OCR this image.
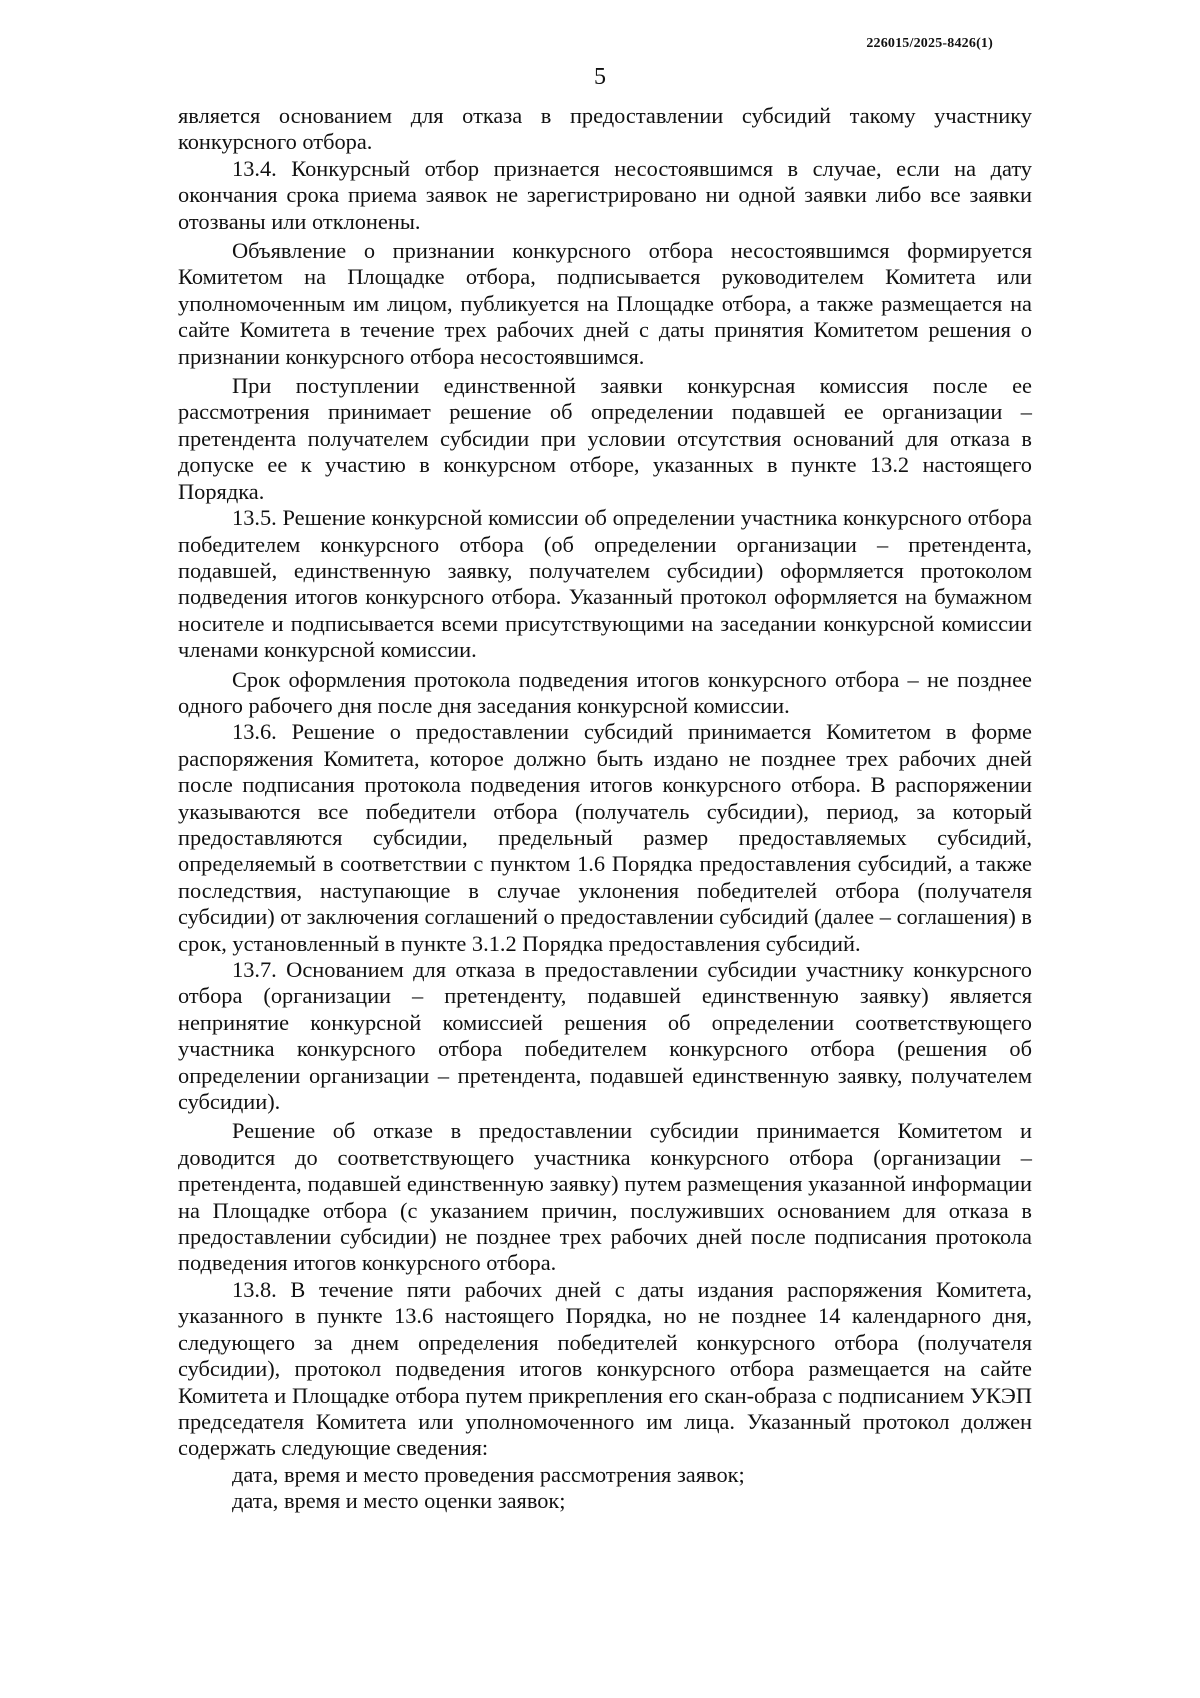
226015/2025-8426(1)
5

является основанием для отказа в предоставлении субсидий такому участнику конкурсного отбора.

13.4. Конкурсный отбор признается несостоявшимся в случае, если на дату окончания срока приема заявок не зарегистрировано ни одной заявки либо все заявки отозваны или отклонены.

Объявление о признании конкурсного отбора несостоявшимся формируется Комитетом на Площадке отбора, подписывается руководителем Комитета или уполномоченным им лицом, публикуется на Площадке отбора, а также размещается на сайте Комитета в течение трех рабочих дней с даты принятия Комитетом решения о признании конкурсного отбора несостоявшимся.

При поступлении единственной заявки конкурсная комиссия после ее рассмотрения принимает решение об определении подавшей ее организации – претендента получателем субсидии при условии отсутствия оснований для отказа в допуске ее к участию в конкурсном отборе, указанных в пункте 13.2 настоящего Порядка.

13.5. Решение конкурсной комиссии об определении участника конкурсного отбора победителем конкурсного отбора (об определении организации – претендента, подавшей, единственную заявку, получателем субсидии) оформляется протоколом подведения итогов конкурсного отбора. Указанный протокол оформляется на бумажном носителе и подписывается всеми присутствующими на заседании конкурсной комиссии членами конкурсной комиссии.

Срок оформления протокола подведения итогов конкурсного отбора – не позднее одного рабочего дня после дня заседания конкурсной комиссии.

13.6. Решение о предоставлении субсидий принимается Комитетом в форме распоряжения Комитета, которое должно быть издано не позднее трех рабочих дней после подписания протокола подведения итогов конкурсного отбора. В распоряжении указываются все победители отбора (получатель субсидии), период, за который предоставляются субсидии, предельный размер предоставляемых субсидий, определяемый в соответствии с пунктом 1.6 Порядка предоставления субсидий, а также последствия, наступающие в случае уклонения победителей отбора (получателя субсидии) от заключения соглашений о предоставлении субсидий (далее – соглашения) в срок, установленный в пункте 3.1.2 Порядка предоставления субсидий.

13.7. Основанием для отказа в предоставлении субсидии участнику конкурсного отбора (организации – претенденту, подавшей единственную заявку) является непринятие конкурсной комиссией решения об определении соответствующего участника конкурсного отбора победителем конкурсного отбора (решения об определении организации – претендента, подавшей единственную заявку, получателем субсидии).

Решение об отказе в предоставлении субсидии принимается Комитетом и доводится до соответствующего участника конкурсного отбора (организации – претендента, подавшей единственную заявку) путем размещения указанной информации на Площадке отбора (с указанием причин, послуживших основанием для отказа в предоставлении субсидии) не позднее трех рабочих дней после подписания протокола подведения итогов конкурсного отбора.

13.8. В течение пяти рабочих дней с даты издания распоряжения Комитета, указанного в пункте 13.6 настоящего Порядка, но не позднее 14 календарного дня, следующего за днем определения победителей конкурсного отбора (получателя субсидии), протокол подведения итогов конкурсного отбора размещается на сайте Комитета и Площадке отбора путем прикрепления его скан-образа с подписанием УКЭП председателя Комитета или уполномоченного им лица. Указанный протокол должен содержать следующие сведения:

дата, время и место проведения рассмотрения заявок;

дата, время и место оценки заявок;
